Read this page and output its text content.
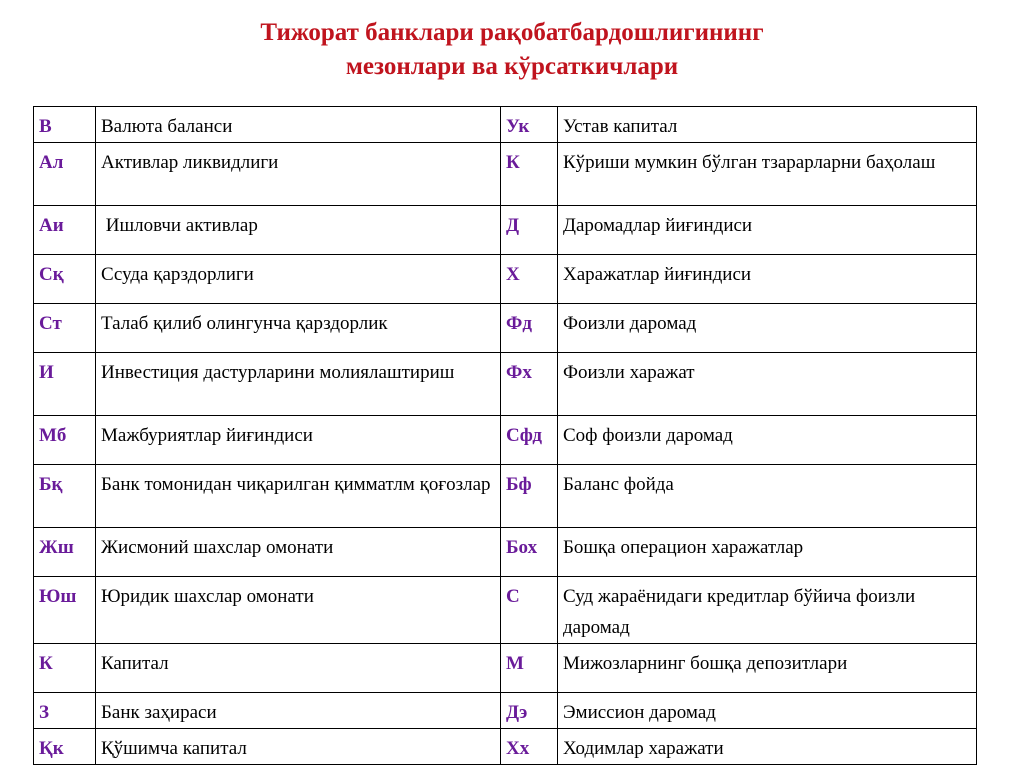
Тижорат банклари рақобатбардошлигининг
мезонлари ва кўрсаткичлари
В	Валюта баланси	Ук	Устав капитал
Ал	Активлар ликвидлиги	К	Кўриши мумкин бўлган тзарарларни баҳолаш
Аи	Ишловчи активлар	Д	Даромадлар йиғиндиси
Сқ	Ссуда қарздорлиги	Х	Харажатлар йиғиндиси
Ст	Талаб қилиб олингунча қарздорлик	Фд	Фоизли даромад
И	Инвестиция дастурларини молиялаштириш	Фх	Фоизли харажат
Мб	Мажбуриятлар йиғиндиси	Сфд	Соф фоизли даромад
Бқ	Банк томонидан чиқарилган қимматлм қоғозлар	Бф	Баланс фойда
Жш	Жисмоний шахслар омонати	Бох	Бошқа операцион харажатлар
Юш	Юридик шахслар омонати	С	Суд жараёнидаги кредитлар бўйича фоизли даромад
К	Капитал	М	Мижозларнинг бошқа депозитлари
З	Банк заҳираси	Дэ	Эмиссион даромад
Қк	Қўшимча капитал	Хх	Ходимлар харажати
